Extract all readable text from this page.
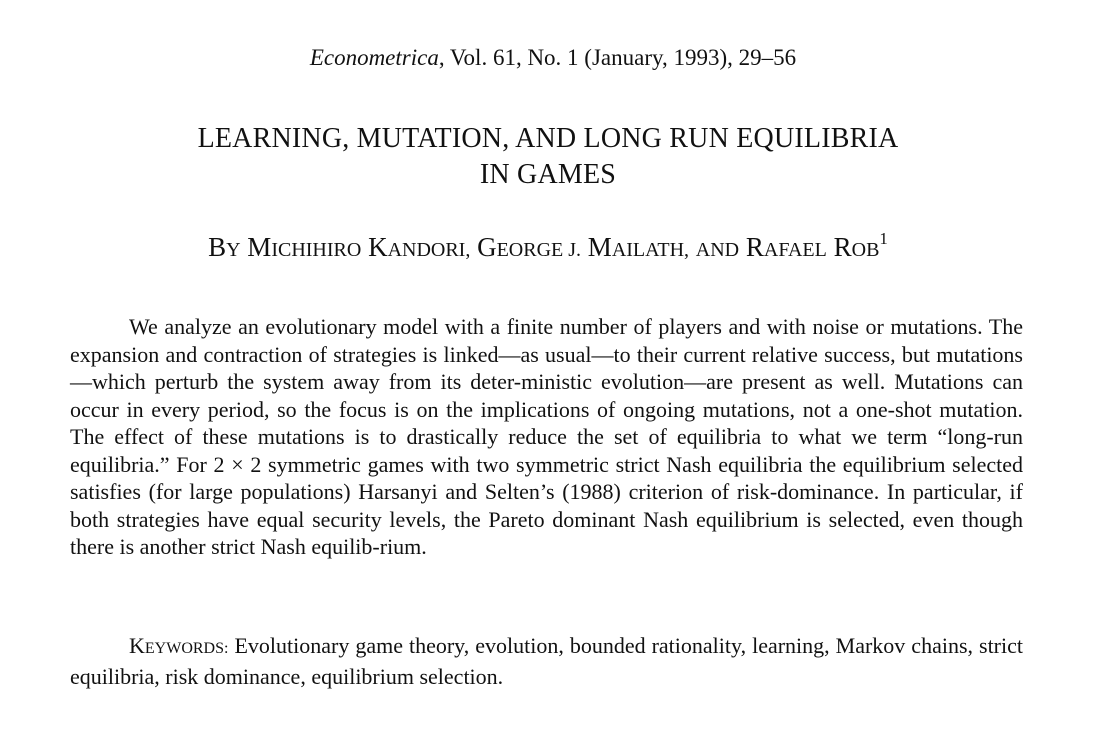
Econometrica, Vol. 61, No. 1 (January, 1993), 29–56
LEARNING, MUTATION, AND LONG RUN EQUILIBRIA
IN GAMES
BY MICHIHIRO KANDORI, GEORGE J. MAILATH, AND RAFAEL ROB$^1$

We analyze an evolutionary model with a finite number of players and with noise or mutations. The expansion and contraction of strategies is linked—as usual—to their current relative success, but mutations—which perturb the system away from its deter-ministic evolution—are present as well. Mutations can occur in every period, so the focus is on the implications of ongoing mutations, not a one-shot mutation. The effect of these mutations is to drastically reduce the set of equilibria to what we term “long-run equilibria.” For 2 × 2 symmetric games with two symmetric strict Nash equilibria the equilibrium selected satisfies (for large populations) Harsanyi and Selten’s (1988) criterion of risk-dominance. In particular, if both strategies have equal security levels, the Pareto dominant Nash equilibrium is selected, even though there is another strict Nash equilib-rium.

KEYWORDS: Evolutionary game theory, evolution, bounded rationality, learning, Markov chains, strict equilibria, risk dominance, equilibrium selection.
